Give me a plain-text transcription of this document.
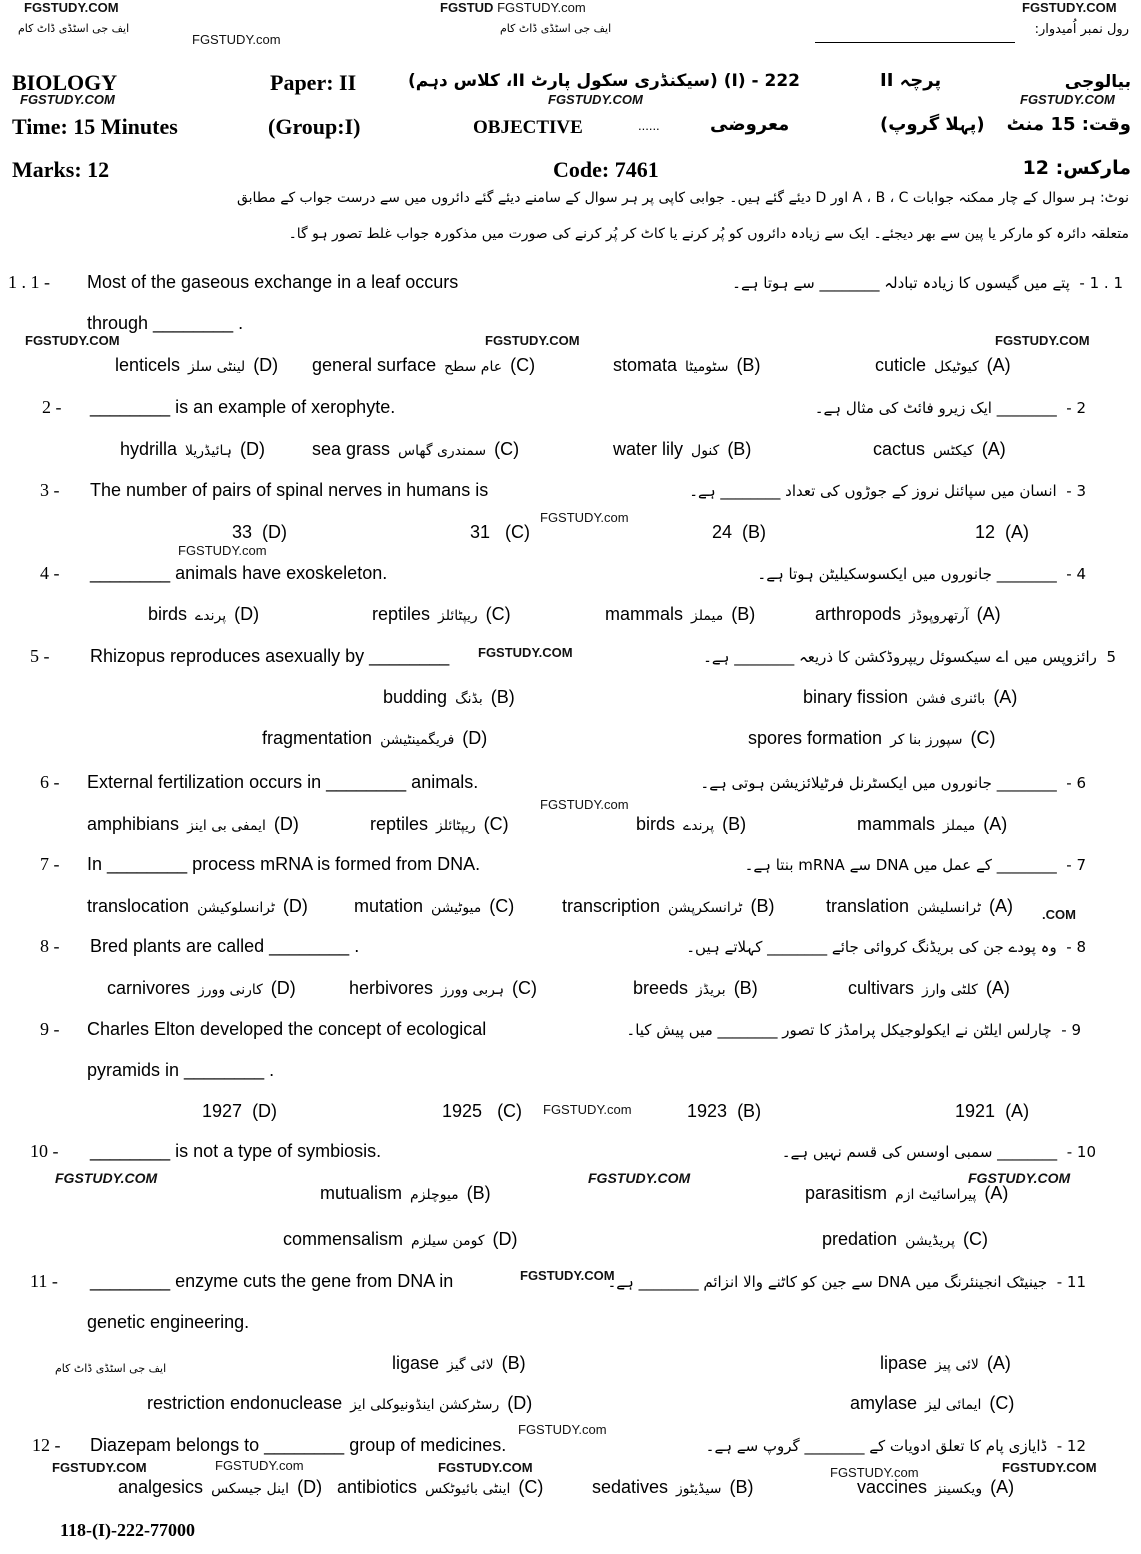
FGSTUDY.COM
ایف جی اسٹڈی ڈاٹ کام
FGSTUDY.com
FGSTUD FGSTUDY.com
ایف جی اسٹڈی ڈاٹ کام
FGSTUDY.COM
رول نمبر اُمیدوار:
BIOLOGY	Paper: II	222 - (I) (سیکنڈری سکول پارٹ II، کلاس دہم)	پرچہ II	بیالوجی
FGSTUDY.COM	FGSTUDY.COM	FGSTUDY.COM
Time: 15 Minutes	(Group:I)	OBJECTIVE	......	معروضی	(پہلا گروپ) وقت: 15 منٹ
Marks: 12	Code: 7461	مارکس: 12
نوٹ: ہر سوال کے چار ممکنہ جوابات A ، B ، C اور D دیئے گئے ہیں۔ جوابی کاپی پر ہر سوال کے سامنے دیئے گئے دائروں میں سے درست جواب کے مطابق
متعلقہ دائرہ کو مارکر یا پین سے بھر دیجئے۔ ایک سے زیادہ دائروں کو پُر کرنے یا کاٹ کر پُر کرنے کی صورت میں مذکورہ جواب غلط تصور ہو گا۔
1 . 1 - Most of the gaseous exchange in a leaf occurs
through ________ .
1 . 1 -  پتے میں گیسوں کا زیادہ تبادلہ ________ سے ہوتا ہے۔
FGSTUDY.COM	FGSTUDY.COM	FGSTUDY.COM
lenticels لینٹی سلز (D) general surface عام سطح (C)	stomata سٹومیٹا (B)	cuticle کیوٹیکل (A)
2 - ________ is an example of xerophyte.	2 -  ________ ایک زیرو فائٹ کی مثال ہے۔
hydrilla ہائیڈریلا (D)	sea grass سمندری گھاس (C)	water lily کنول (B)	cactus کیکٹس (A)
3 - The number of pairs of spinal nerves in humans is	3 -  انسان میں سپائنل نروز کے جوڑوں کی تعداد ________ ہے۔
FGSTUDY.com
33 (D)	31 (C)	24 (B)	12 (A)
FGSTUDY.com
4 - ________ animals have exoskeleton.	4 -  ________ جانوروں میں ایکسوسکیلیٹن ہوتا ہے۔
birds پرندے (D)	reptiles ریپٹائلز (C)	mammals میملز (B)	arthropods آرتھروپوڈز (A)
5 - Rhizopus reproduces asexually by ________ FGSTUDY.COM	5  رائزوپس میں اے سیکسوئل ریپروڈکشن کا ذریعہ ________ ہے۔
budding بڈنگ (B)	binary fission بائنری فشن (A)
fragmentation فریگمینٹیشن (D)	spores formation سپورز بنا کر (C)
6 - External fertilization occurs in ________ animals.	6 -  ________ جانوروں میں ایکسٹرنل فرٹیلائزیشن ہوتی ہے۔
FGSTUDY.com
amphibians ایمفی بی اینز (D)	reptiles ریپٹائلز (C)	birds پرندے (B)	mammals میملز (A)
7 - In ________ process mRNA is formed from DNA.	7 -  ________ کے عمل میں DNA سے mRNA بنتا ہے۔
translocation ٹرانسلوکیشن (D)	mutation میوٹیشن (C)	transcription ٹرانسکرپشن (B)	translation ٹرانسلیشن (A) .COM
8 - Bred plants are called ________ .	8 -  وہ پودے جن کی بریڈنگ کروائی جائے ________ کہلاتے ہیں۔
carnivores کارنی وورز (D)	herbivores ہربی وورز (C)	breeds بریڈز (B)	cultivars کلٹی وارز (A)
9 - Charles Elton developed the concept of ecological
pyramids in ________ .
9 -  چارلس ایلٹن نے ایکولوجیکل پرامڈز کا تصور ________ میں پیش کیا۔
1927 (D)	1925 (C) FGSTUDY.com	1923 (B)	1921 (A)
10 - ________ is not a type of symbiosis.	10 -  ________ سمبی اوسس کی قسم نہیں ہے۔
FGSTUDY.COM	FGSTUDY.COM	FGSTUDY.COM
mutualism میوچلزم (B)	parasitism پیراسائیٹ ازم (A)
commensalism کومن سیلزم (D)	predation پریڈیشن (C)
11 - ________ enzyme cuts the gene from DNA in	FGSTUDY.COM	11 -  جینیٹک انجینئرنگ میں DNA سے جین کو کاٹنے والا انزائم ________ ہے۔
genetic engineering.
ایف جی اسٹڈی ڈاٹ کام	ligase لائی گیز (B)	lipase لائی پیز (A)
restriction endonuclease رسٹرکشن اینڈونیوکلی ایز (D)	amylase ایمائی لیز (C)
FGSTUDY.com
12 - Diazepam belongs to ________ group of medicines.	12 -  ڈایازی پام کا تعلق ادویات کے ________ گروپ سے ہے۔
FGSTUDY.COM	FGSTUDY.com	FGSTUDY.COM	FGSTUDY.com	FGSTUDY.COM
analgesics اینل جیسکس (D) antibiotics اینٹی بائیوٹکس (C)	sedatives سیڈیٹوز (B)	vaccines ویکسینز (A)
118-(I)-222-77000
